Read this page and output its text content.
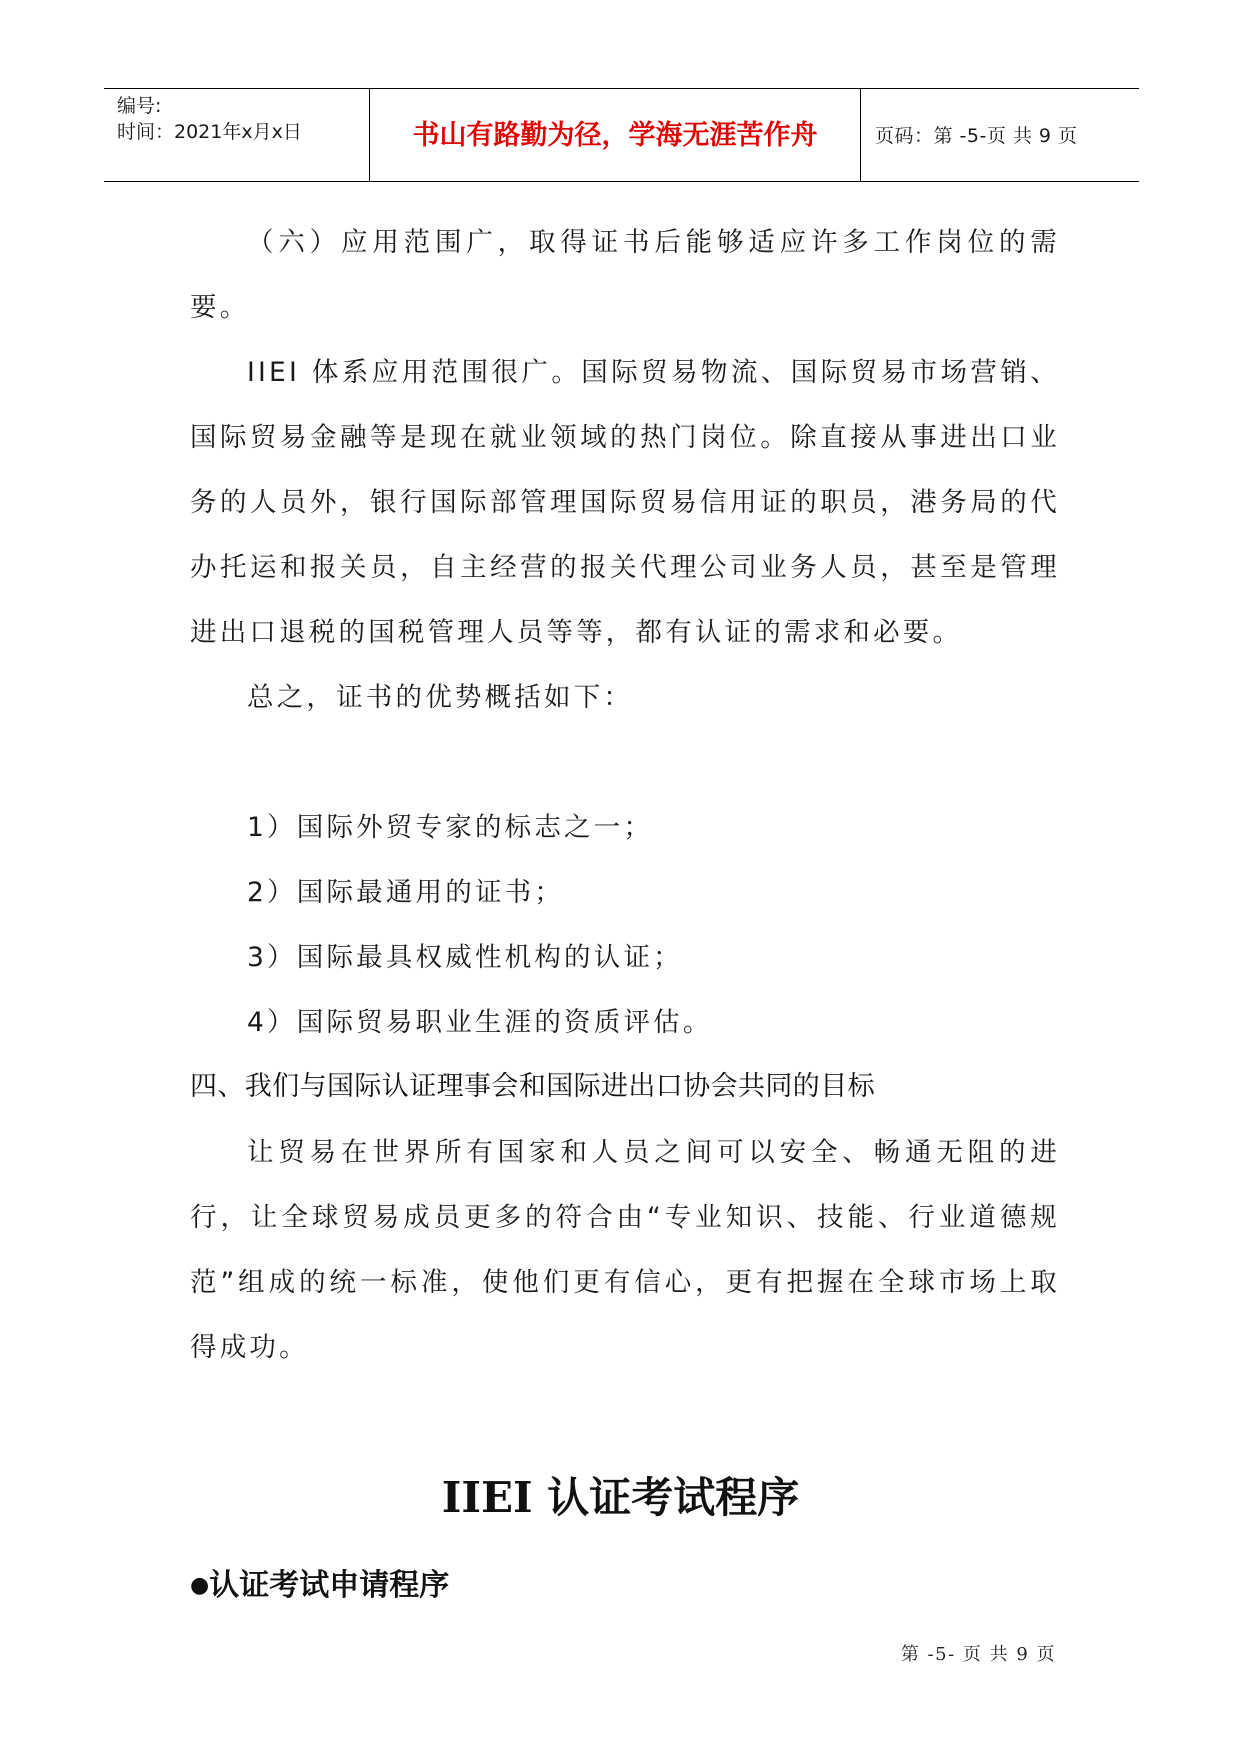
编号:
时间：2021年x月x日	书山有路勤为径，学海无涯苦作舟	页码：第 -5-页 共 9 页

（六）应用范围广，取得证书后能够适应许多工作岗位的需要。

IIEI 体系应用范围很广。国际贸易物流、国际贸易市场营销、国际贸易金融等是现在就业领域的热门岗位。除直接从事进出口业务的人员外，银行国际部管理国际贸易信用证的职员，港务局的代办托运和报关员，自主经营的报关代理公司业务人员，甚至是管理进出口退税的国税管理人员等等，都有认证的需求和必要。

总之，证书的优势概括如下：

1）国际外贸专家的标志之一；

2）国际最通用的证书；

3）国际最具权威性机构的认证；

4）国际贸易职业生涯的资质评估。

四、我们与国际认证理事会和国际进出口协会共同的目标

让贸易在世界所有国家和人员之间可以安全、畅通无阻的进行，让全球贸易成员更多的符合由“专业知识、技能、行业道德规范”组成的统一标准，使他们更有信心，更有把握在全球市场上取得成功。

IIEI 认证考试程序
●认证考试申请程序
第 -5- 页 共 9 页
